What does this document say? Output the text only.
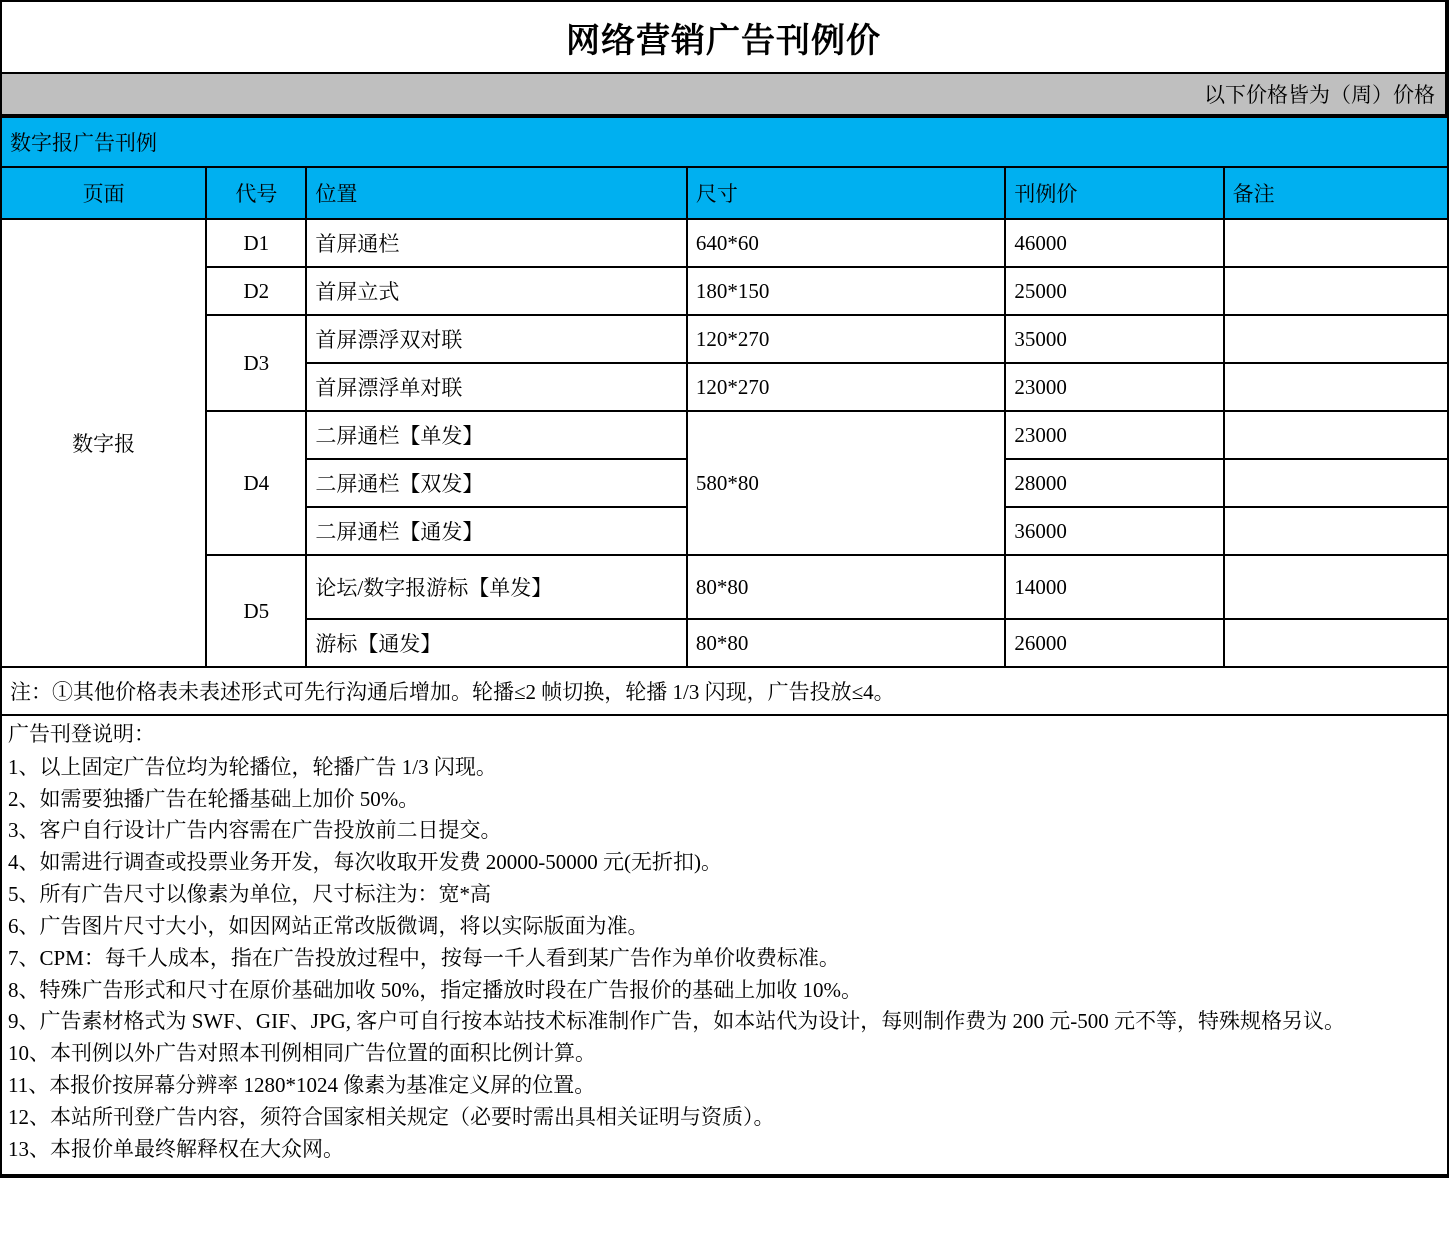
网络营销广告刊例价
以下价格皆为（周）价格
数字报广告刊例					
页面	代号	位置	尺寸	刊例价	备注
数字报	D1	首屏通栏	640*60	46000	
	D2	首屏立式	180*150	25000	
	D3	首屏漂浮双对联	120*270	35000	
		首屏漂浮单对联	120*270	23000	
	D4	二屏通栏【单发】	580*80	23000	
		二屏通栏【双发】		28000	
		二屏通栏【通发】		36000	
	D5	论坛/数字报游标【单发】	80*80	14000	
		游标【通发】	80*80	26000	
注：①其他价格表未表述形式可先行沟通后增加。轮播≤2 帧切换，轮播 1/3 闪现，广告投放≤4。					

广告刊登说明：

1、以上固定广告位均为轮播位，轮播广告 1/3 闪现。

2、如需要独播广告在轮播基础上加价 50%。

3、客户自行设计广告内容需在广告投放前二日提交。

4、如需进行调查或投票业务开发，每次收取开发费 20000-50000 元(无折扣)。

5、所有广告尺寸以像素为单位，尺寸标注为：宽*高

6、广告图片尺寸大小，如因网站正常改版微调，将以实际版面为准。

7、CPM：每千人成本，指在广告投放过程中，按每一千人看到某广告作为单价收费标准。

8、特殊广告形式和尺寸在原价基础加收 50%，指定播放时段在广告报价的基础上加收 10%。

9、广告素材格式为 SWF、GIF、JPG, 客户可自行按本站技术标准制作广告，如本站代为设计，每则制作费为 200 元-500 元不等，特殊规格另议。

10、本刊例以外广告对照本刊例相同广告位置的面积比例计算。

11、本报价按屏幕分辨率 1280*1024 像素为基准定义屏的位置。

12、本站所刊登广告内容，须符合国家相关规定（必要时需出具相关证明与资质）。

13、本报价单最终解释权在大众网。
